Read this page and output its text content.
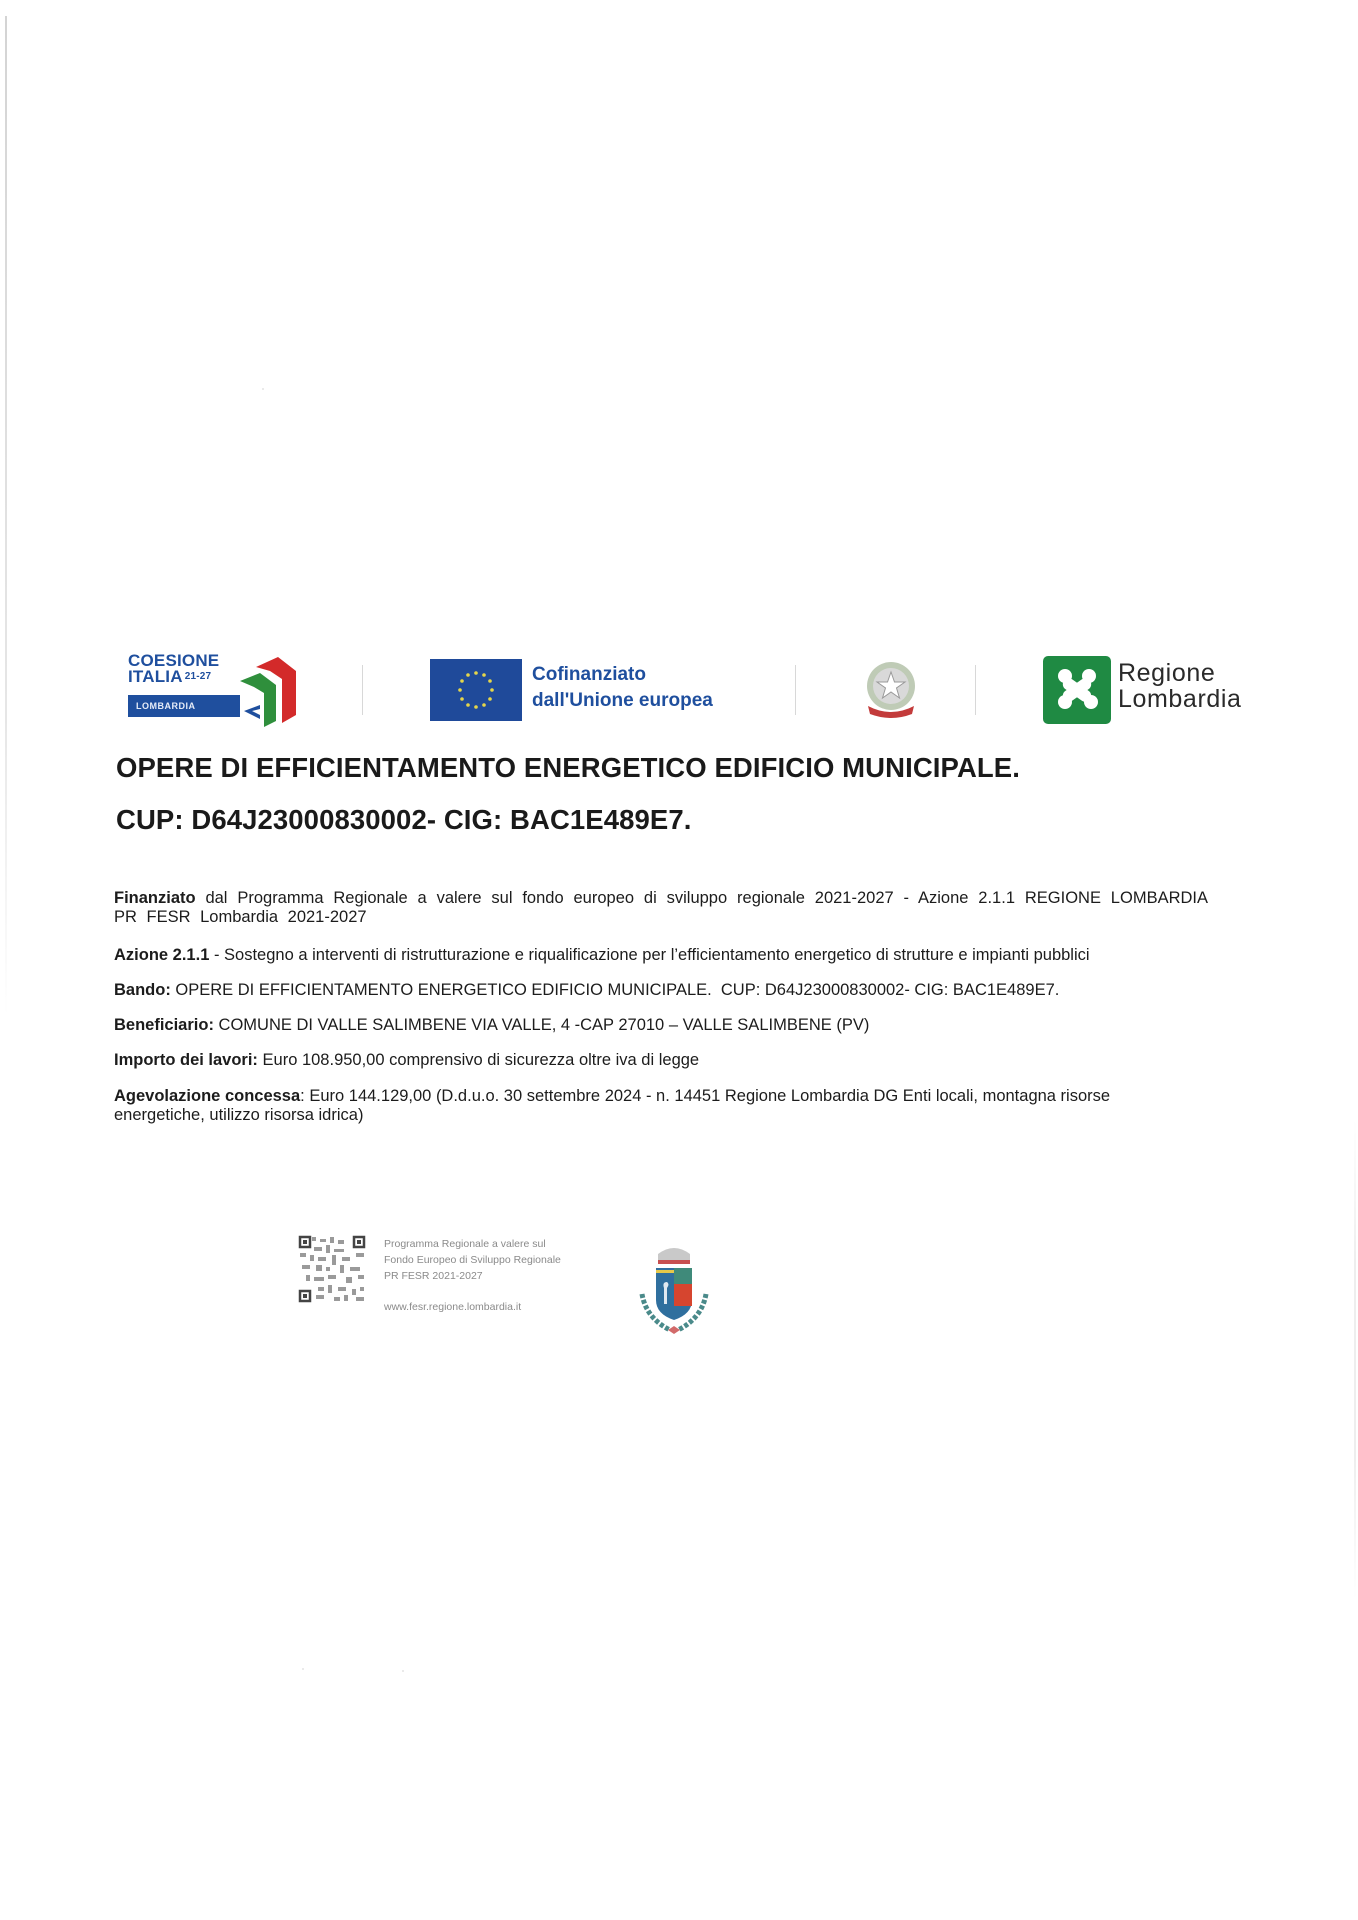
COESIONE
ITALIA 21-27
LOMBARDIA
Cofinanziato
dall'Unione europea
Regione
Lombardia
OPERE DI EFFICIENTAMENTO ENERGETICO EDIFICIO MUNICIPALE.
CUP: D64J23000830002- CIG: BAC1E489E7.
Finanziato dal Programma Regionale a valere sul fondo europeo di sviluppo regionale 2021-2027 - Azione 2.1.1 REGIONE LOMBARDIA PR FESR Lombardia 2021-2027
Azione 2.1.1 - Sostegno a interventi di ristrutturazione e riqualificazione per l’efficientamento energetico di strutture e impianti pubblici
Bando: OPERE DI EFFICIENTAMENTO ENERGETICO EDIFICIO MUNICIPALE.  CUP: D64J23000830002- CIG: BAC1E489E7.
Beneficiario: COMUNE DI VALLE SALIMBENE VIA VALLE, 4 -CAP 27010 – VALLE SALIMBENE (PV)
Importo dei lavori: Euro 108.950,00 comprensivo di sicurezza oltre iva di legge
Agevolazione concessa: Euro 144.129,00 (D.d.u.o. 30 settembre 2024 - n. 14451 Regione Lombardia DG Enti locali, montagna risorse energetiche, utilizzo risorsa idrica)
Programma Regionale a valere sul
Fondo Europeo di Sviluppo Regionale
PR FESR 2021-2027
www.fesr.regione.lombardia.it
